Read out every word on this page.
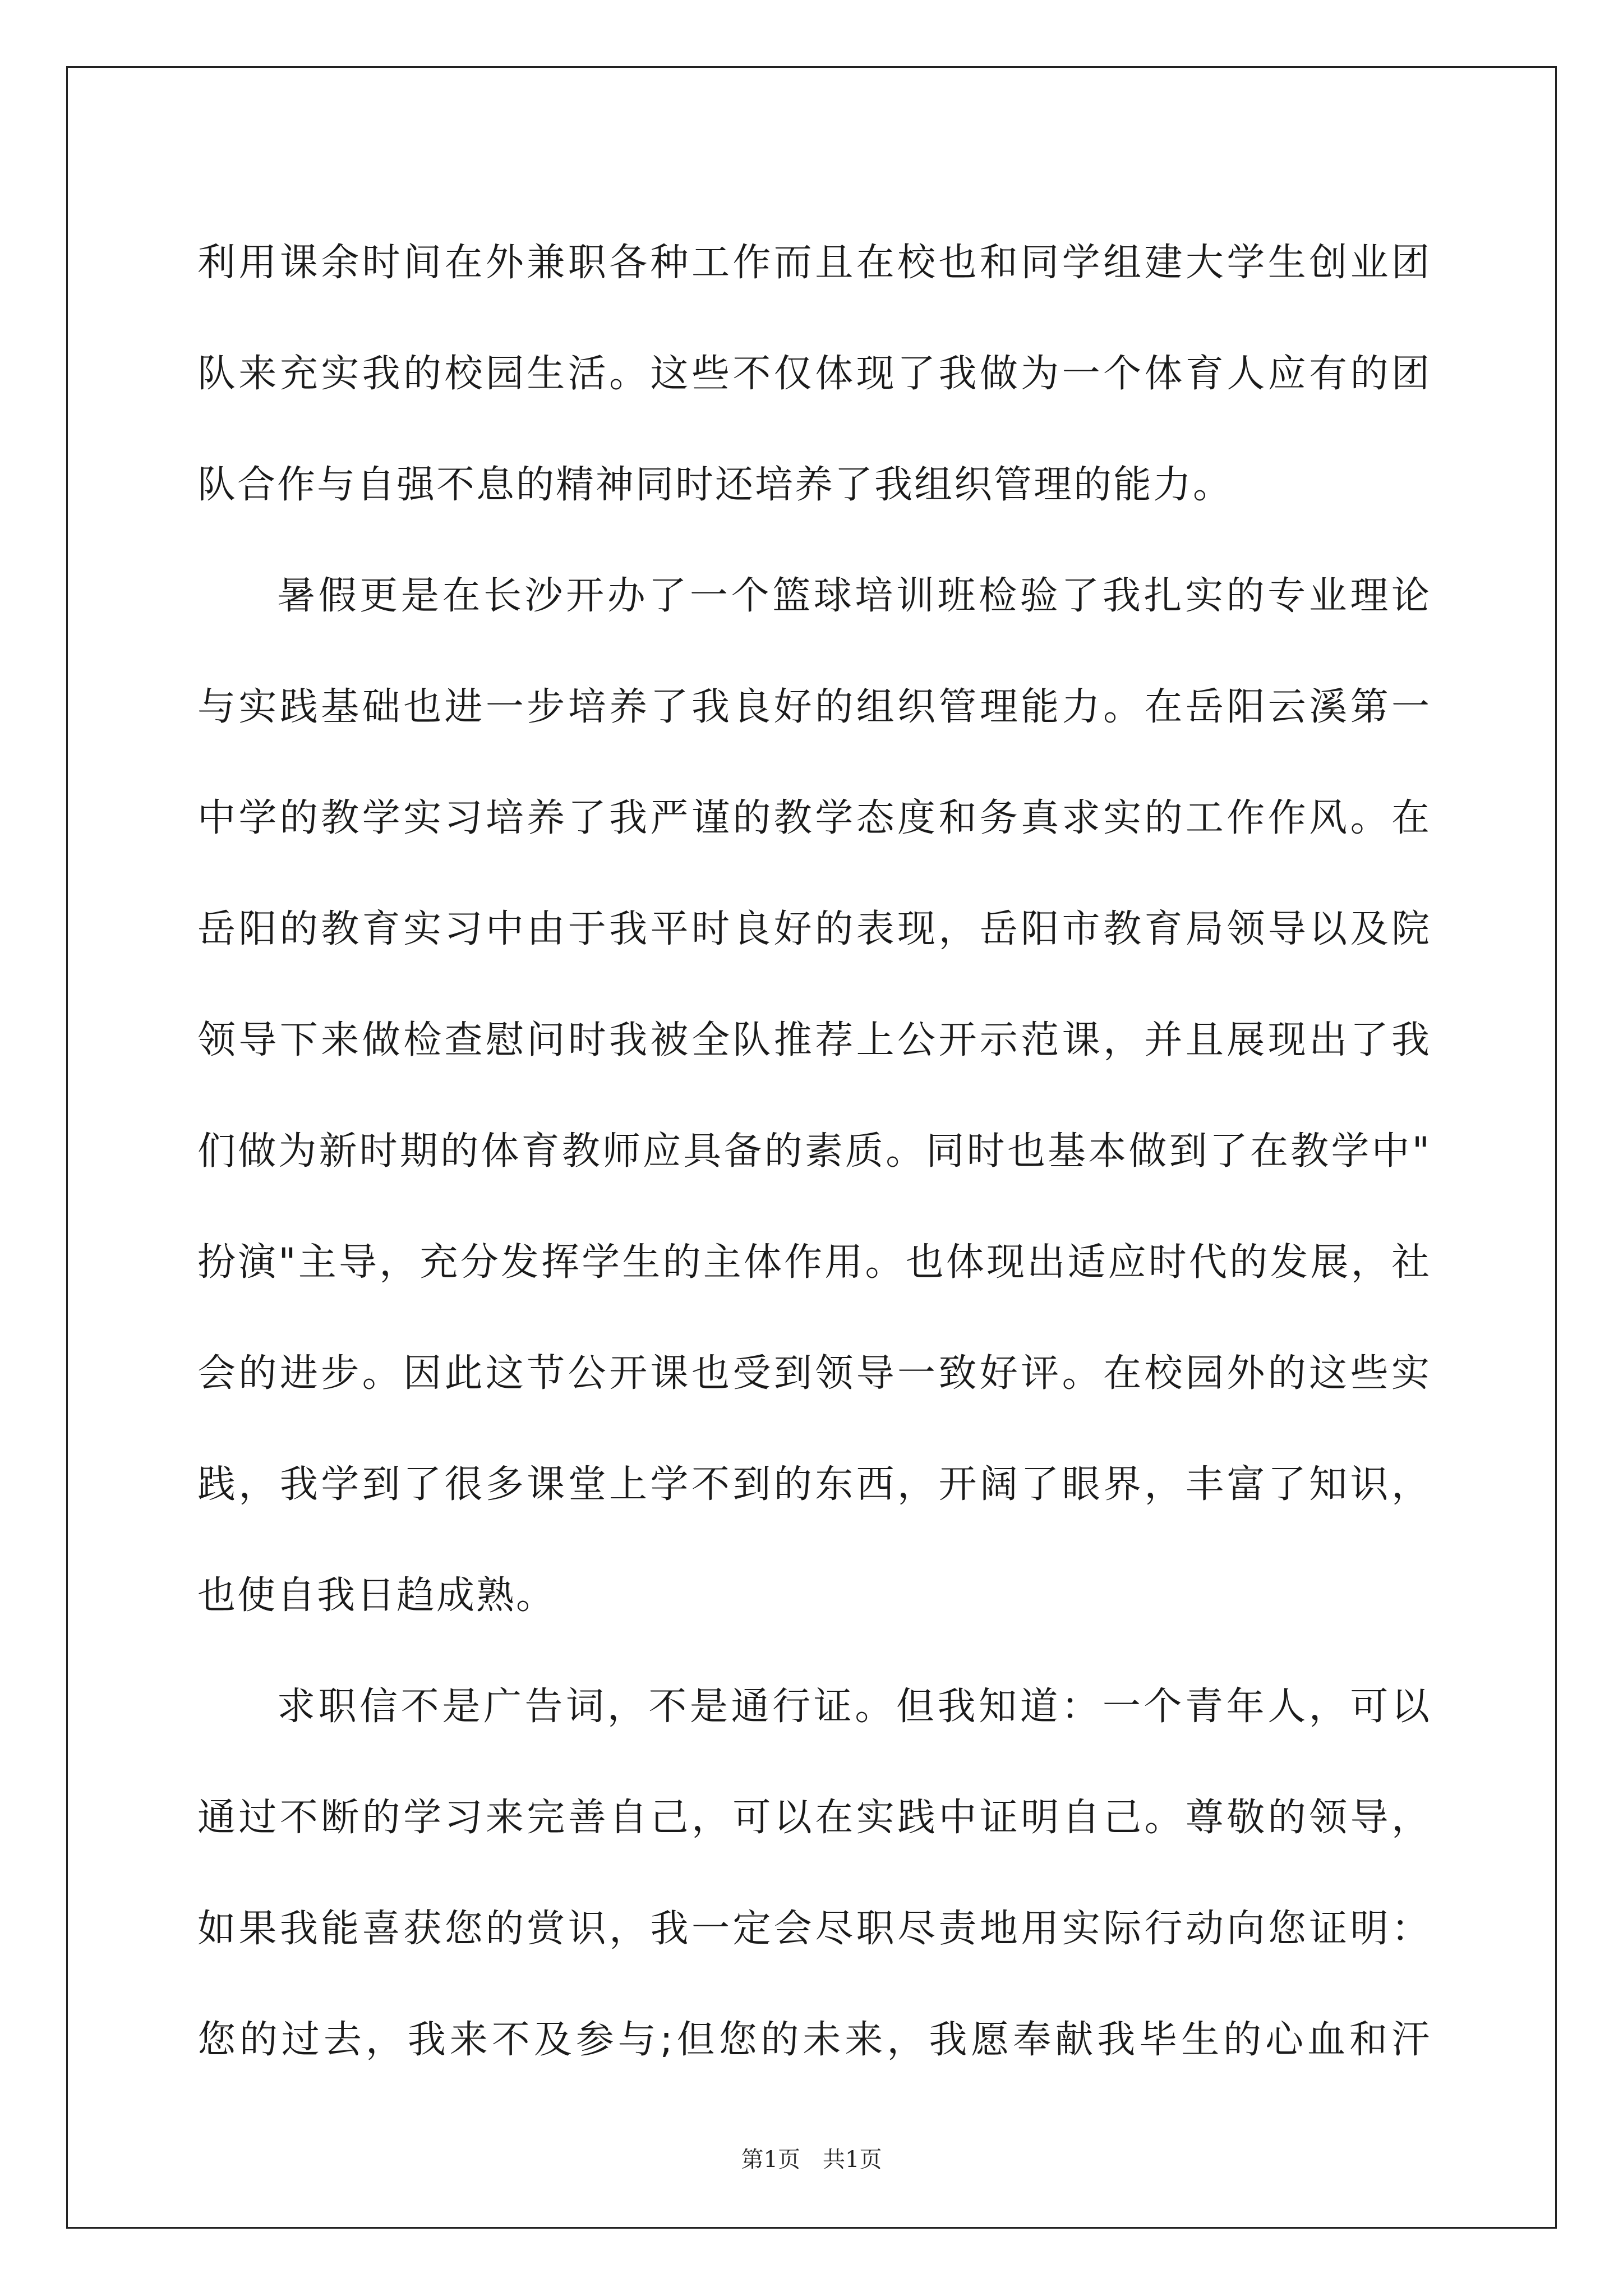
利用课余时间在外兼职各种工作而且在校也和同学组建大学生创业团
队来充实我的校园生活。这些不仅体现了我做为一个体育人应有的团
队合作与自强不息的精神同时还培养了我组织管理的能力。
暑假更是在长沙开办了一个篮球培训班检验了我扎实的专业理论
与实践基础也进一步培养了我良好的组织管理能力。在岳阳云溪第一
中学的教学实习培养了我严谨的教学态度和务真求实的工作作风。在
岳阳的教育实习中由于我平时良好的表现，岳阳市教育局领导以及院
领导下来做检查慰问时我被全队推荐上公开示范课，并且展现出了我
们做为新时期的体育教师应具备的素质。同时也基本做到了在教学中"
扮演"主导，充分发挥学生的主体作用。也体现出适应时代的发展，社
会的进步。因此这节公开课也受到领导一致好评。在校园外的这些实
践，我学到了很多课堂上学不到的东西，开阔了眼界，丰富了知识，
也使自我日趋成熟。
求职信不是广告词，不是通行证。但我知道：一个青年人，可以
通过不断的学习来完善自己，可以在实践中证明自己。尊敬的领导，
如果我能喜获您的赏识，我一定会尽职尽责地用实际行动向您证明：
您的过去，我来不及参与;但您的未来，我愿奉献我毕生的心血和汗
第1页 共1页
